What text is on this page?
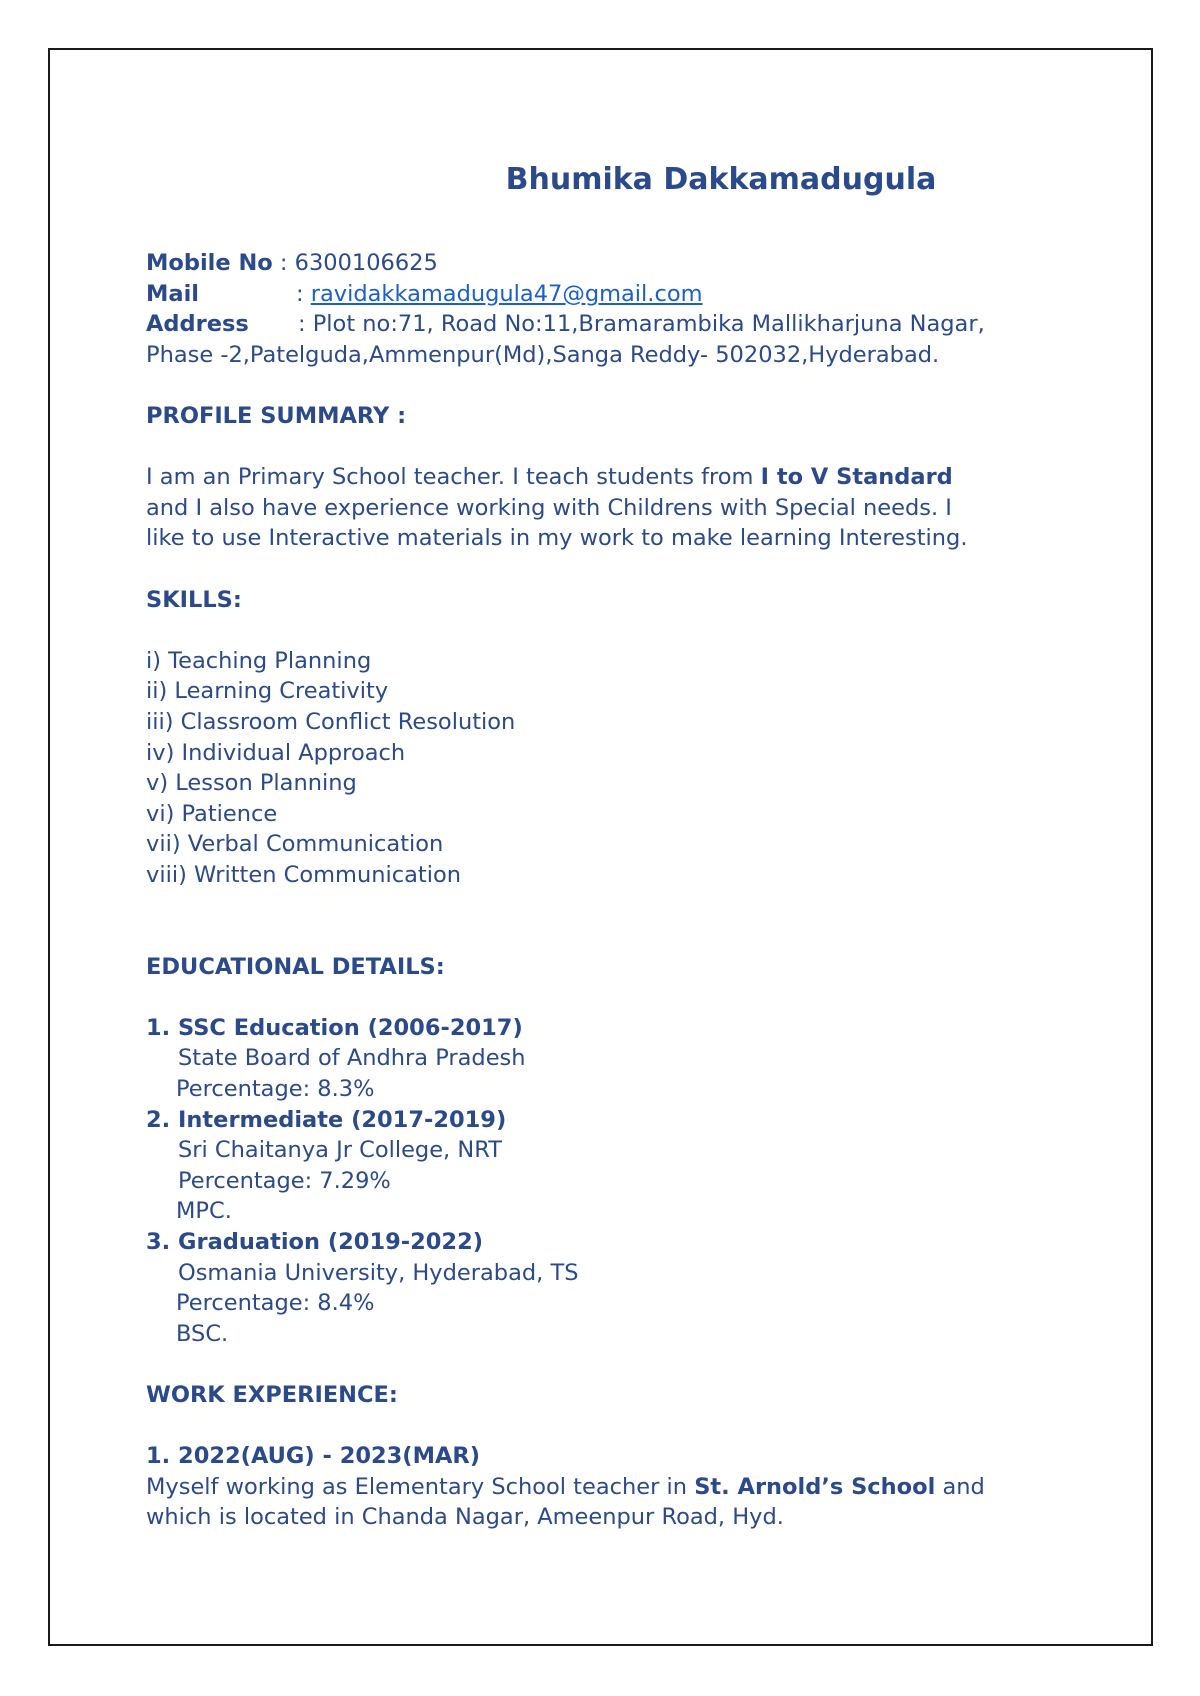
Bhumika Dakkamadugula
Mobile No : 6300106625
Mail	: ravidakkamadugula47@gmail.com
Address : Plot no:71, Road No:11,Bramarambika Mallikharjuna Nagar,
Phase -2,Patelguda,Ammenpur(Md),Sanga Reddy- 502032,Hyderabad.
PROFILE SUMMARY :
I am an Primary School teacher. I teach students from I to V Standard
and I also have experience working with Childrens with Special needs. I
like to use Interactive materials in my work to make learning Interesting.
SKILLS:
i) Teaching Planning
ii) Learning Creativity
iii) Classroom Conflict Resolution
iv) Individual Approach
v) Lesson Planning
vi) Patience
vii) Verbal Communication
viii) Written Communication
EDUCATIONAL DETAILS:
1. SSC Education (2006-2017)
State Board of Andhra Pradesh
Percentage: 8.3%
2. Intermediate (2017-2019)
Sri Chaitanya Jr College, NRT
Percentage: 7.29%
MPC.
3. Graduation (2019-2022)
Osmania University, Hyderabad, TS
Percentage: 8.4%
BSC.
WORK EXPERIENCE:
1. 2022(AUG) - 2023(MAR)
Myself working as Elementary School teacher in St. Arnold’s School and
which is located in Chanda Nagar, Ameenpur Road, Hyd.
